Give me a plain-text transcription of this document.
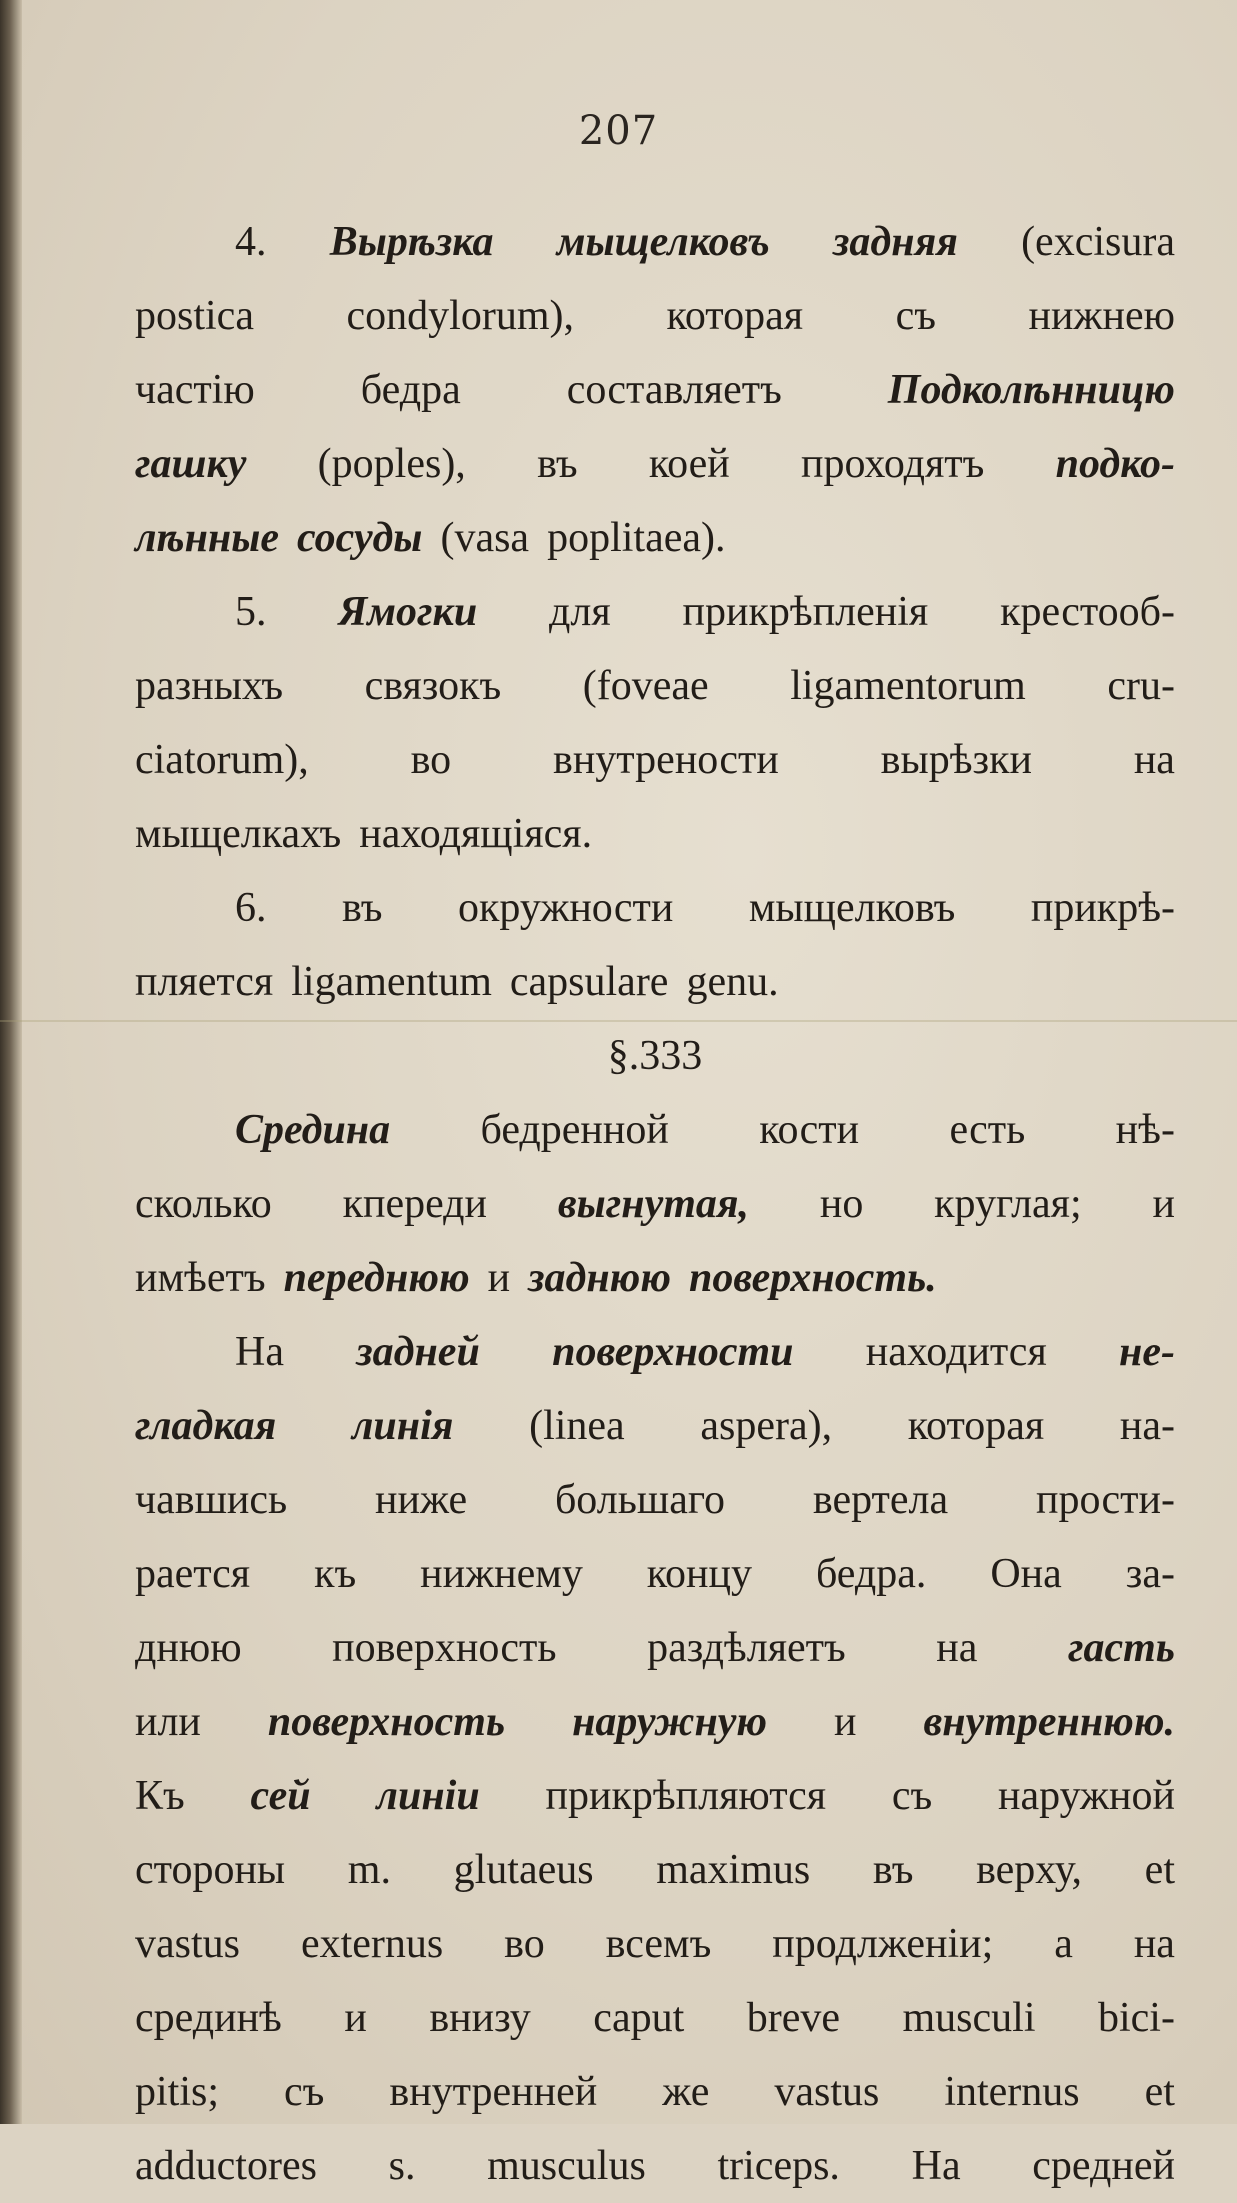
207
4. Вырѣзка мыщелковъ задняя (excisura
postica condylorum), которая съ нижнею
частію	бедра	составляетъ	Подколѣнницю
гашку (poples), въ коей проходятъ подко-
лѣнные сосуды (vasa poplitaea).
5. Ямогки для прикрѣпленія крестооб-
разныхъ связокъ (foveae ligamentorum cru-
ciatorum), во внутрености вырѣзки на
мыщелкахъ находящіяся.
6. въ окружности мыщелковъ прикрѣ-
пляется ligamentum capsulare genu.
§. 333
Средина бедренной кости есть нѣ-
сколько кпереди выгнутая, но круглая; и
имѣетъ переднюю и заднюю поверхность.
На задней поверхности находится не-
гладкая линія (linea aspera), которая на-
чавшись ниже большаго вертела прости-
рается къ нижнему концу бедра. Она за-
днюю поверхность раздѣляетъ на гасть
или поверхность наружную и внутреннюю.
Къ сей линіи прикрѣпляются съ наружной
стороны m. glutaeus maximus въ верху, et
vastus externus во всемъ продлженіи; а на
срединѣ и внизу caput breve musculi bici-
pitis; съ внутренней же vastus internus et
adductores s. musculus triceps. На средней
